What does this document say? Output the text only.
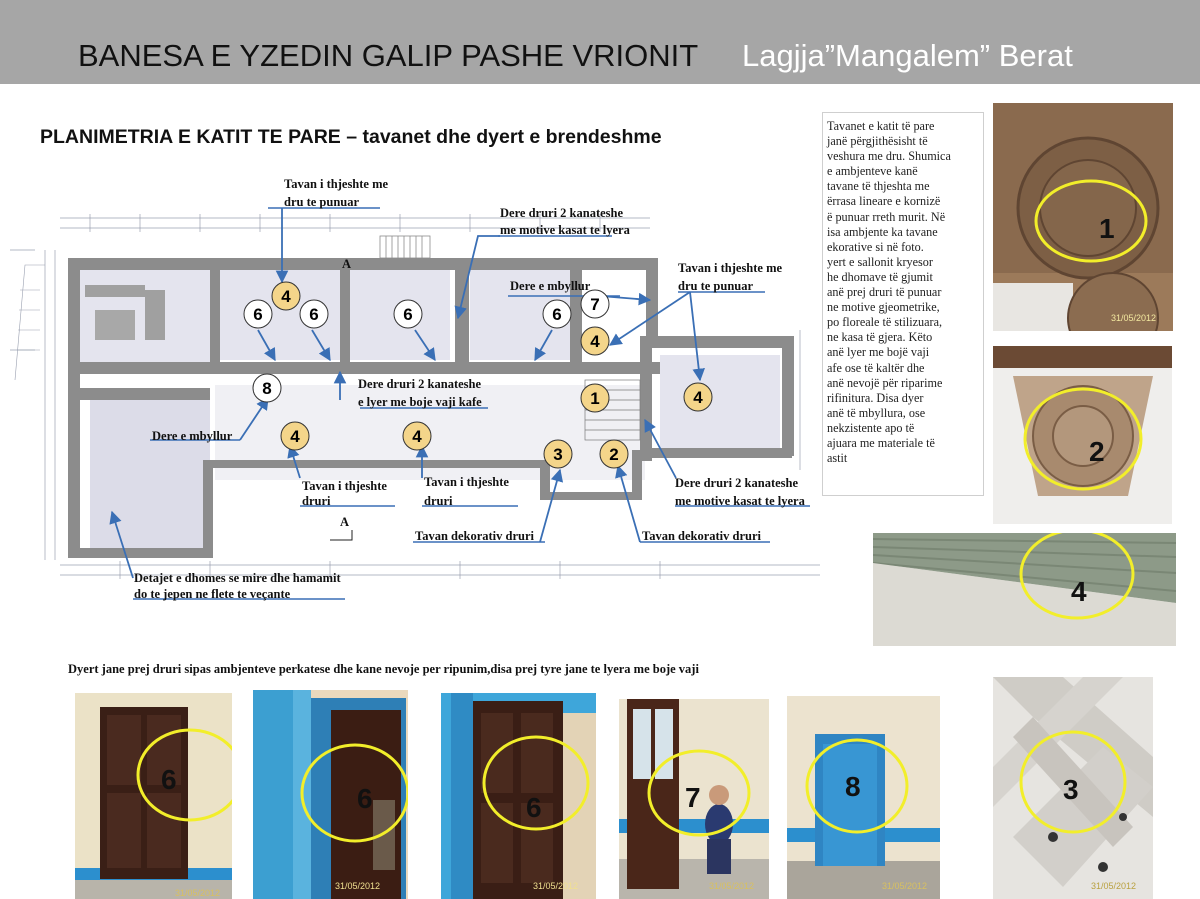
BANESA E YZEDIN GALIP PASHE VRIONIT Lagjja”Mangalem” Berat
PLANIMETRIA E KATIT TE PARE – tavanet dhe dyert e brendeshme
A
A
Tavan i thjeshte me
dru te punuar
Dere druri 2 kanateshe
me motive kasat te lyera
Dere e mbyllur
Tavan i thjeshte me
dru te punuar
Dere druri 2 kanateshe
e lyer me boje vaji kafe
Dere e mbyllur
Tavan i thjeshte
druri
Tavan i thjeshte
druri
Dere druri 2 kanateshe
me motive kasat te lyera
Tavan dekorativ druri	Tavan dekorativ druri
Detajet e dhomes se mire dhe hamamit
do te jepen ne flete te veçante
4
6	6	6	6
7
4
8
1	4
4	4
3	2
Tavanet e katit të pare
janë përgjithësisht të
veshura me dru. Shumica
e ambjenteve kanë
tavane të thjeshta me
ërrasa lineare e kornizë
ë punuar rreth murit. Në
isa ambjente ka tavane
ekorative si në foto.
yert e sallonit kryesor
he dhomave të gjumit
anë prej druri të punuar
ne motive gjeometrike,
po floreale të stilizuara,
ne kasa të gjera. Këto
anë lyer me bojë vaji
afe ose të kaltër dhe
anë nevojë për riparime
rifinitura. Disa dyer
anë të mbyllura, ose
nekzistente apo të
ajuara me materiale të
astit
1
31/05/2012
2
4
3
31/05/2012
Dyert jane prej druri sipas ambjenteve perkatese dhe kane nevoje per ripunim,disa prej tyre jane te lyera me boje vaji
6
31/05/2012
6
31/05/2012
6
31/05/2012
7
31/05/2012
8
31/05/2012
